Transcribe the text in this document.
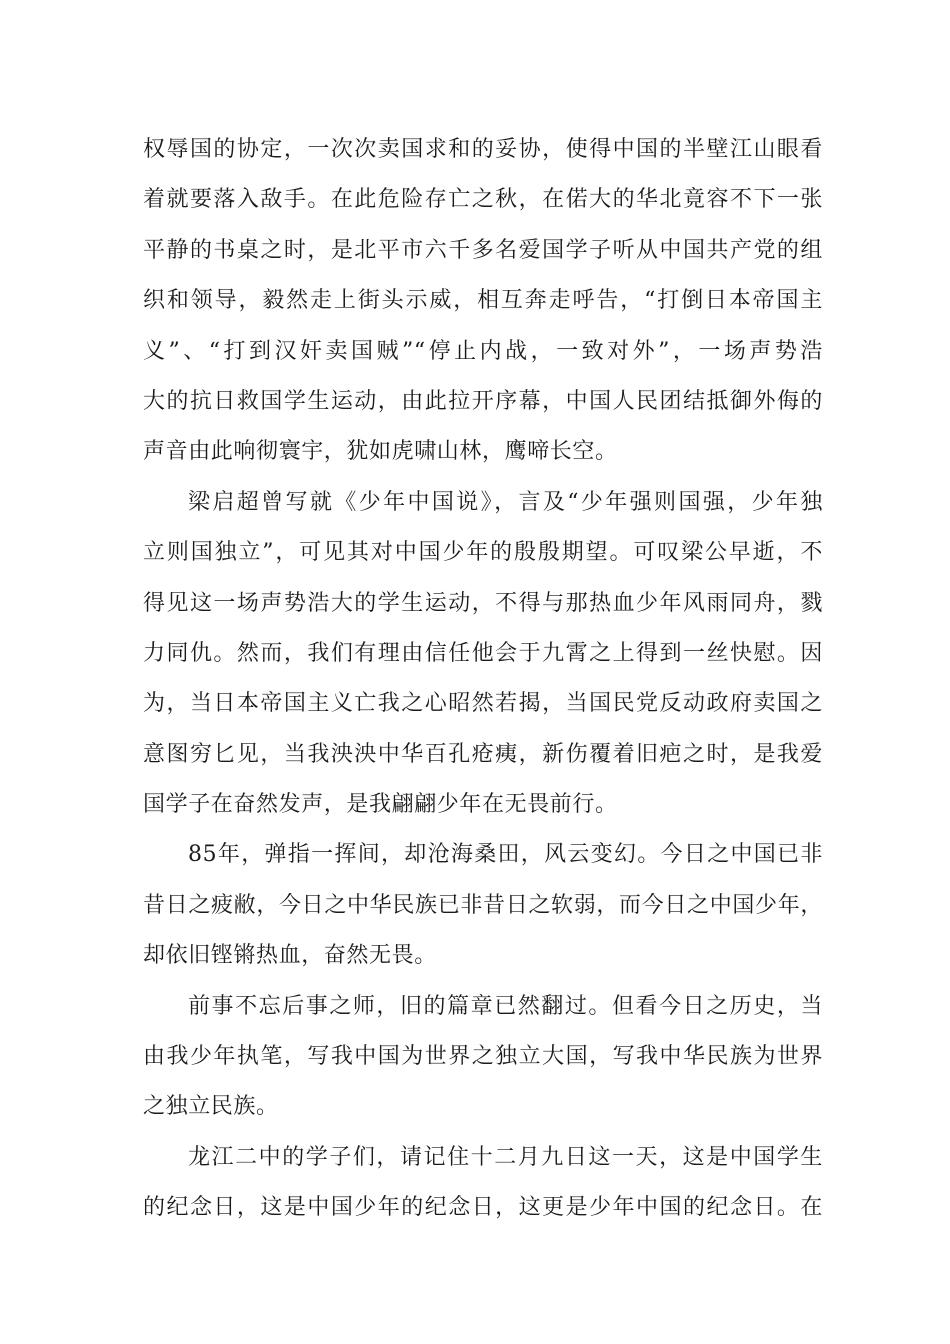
权辱国的协定，一次次卖国求和的妥协，使得中国的半壁江山眼看
着就要落入敌手。在此危险存亡之秋，在偌大的华北竟容不下一张
平静的书桌之时，是北平市六千多名爱国学子听从中国共产党的组
织和领导，毅然走上街头示威，相互奔走呼告，“打倒日本帝国主
义”、“打到汉奸卖国贼”“停止内战，一致对外”，一场声势浩
大的抗日救国学生运动，由此拉开序幕，中国人民团结抵御外侮的
声音由此响彻寰宇，犹如虎啸山林，鹰啼长空。
梁启超曾写就《少年中国说》，言及“少年强则国强，少年独
立则国独立”，可见其对中国少年的殷殷期望。可叹梁公早逝，不
得见这一场声势浩大的学生运动，不得与那热血少年风雨同舟，戮
力同仇。然而，我们有理由信任他会于九霄之上得到一丝快慰。因
为，当日本帝国主义亡我之心昭然若揭，当国民党反动政府卖国之
意图穷匕见，当我泱泱中华百孔疮痍，新伤覆着旧疤之时，是我爱
国学子在奋然发声，是我翩翩少年在无畏前行。
85年，弹指一挥间，却沧海桑田，风云变幻。今日之中国已非
昔日之疲敝，今日之中华民族已非昔日之软弱，而今日之中国少年，
却依旧铿锵热血，奋然无畏。
前事不忘后事之师，旧的篇章已然翻过。但看今日之历史，当
由我少年执笔，写我中国为世界之独立大国，写我中华民族为世界
之独立民族。
龙江二中的学子们，请记住十二月九日这一天，这是中国学生
的纪念日，这是中国少年的纪念日，这更是少年中国的纪念日。在
